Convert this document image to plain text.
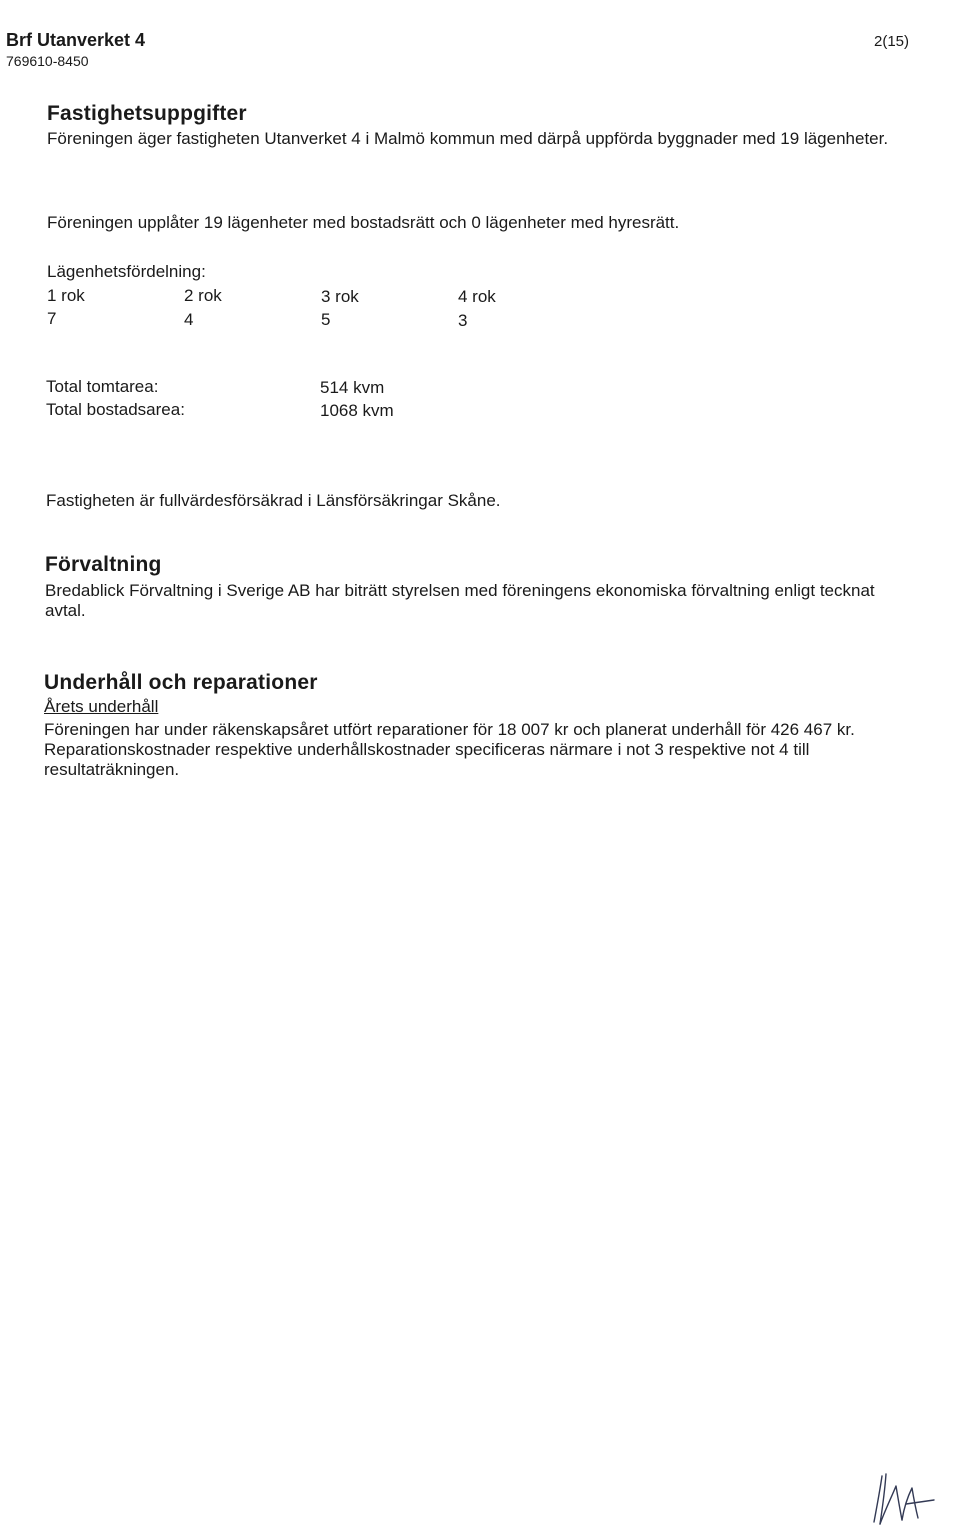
Brf Utanverket 4
769610-8450
2(15)
Fastighetsuppgifter
Föreningen äger fastigheten Utanverket 4 i Malmö kommun med därpå uppförda byggnader med 19 lägenheter.
Föreningen upplåter 19 lägenheter med bostadsrätt och 0 lägenheter med hyresrätt.
Lägenhetsfördelning:
1 rok	2 rok	3 rok	4 rok
7	4	5	3
Total tomtarea:	514 kvm
Total bostadsarea:	1068 kvm
Fastigheten är fullvärdesförsäkrad i Länsförsäkringar Skåne.
Förvaltning
Bredablick Förvaltning i Sverige AB har biträtt styrelsen med föreningens ekonomiska förvaltning enligt tecknat avtal.
Underhåll och reparationer
Årets underhåll
Föreningen har under räkenskapsåret utfört reparationer för 18 007 kr och planerat underhåll för 426 467 kr. Reparationskostnader respektive underhållskostnader specificeras närmare i not 3 respektive not 4 till resultaträkningen.
